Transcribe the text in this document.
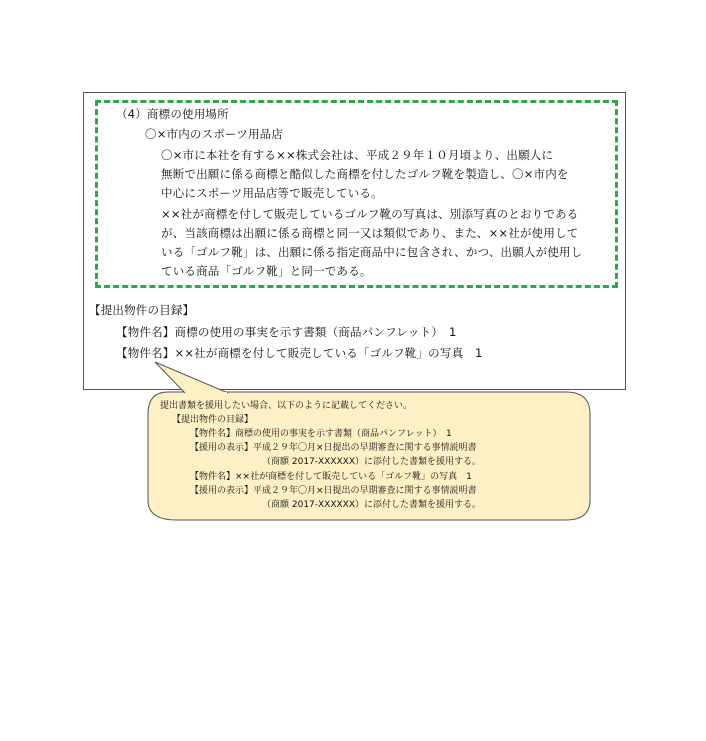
（4）商標の使用場所
〇×市内のスポーツ用品店
〇×市に本社を有する××株式会社は、平成２９年１０月頃より、出願人に
無断で出願に係る商標と酷似した商標を付したゴルフ靴を製造し、〇×市内を
中心にスポーツ用品店等で販売している。
××社が商標を付して販売しているゴルフ靴の写真は、別添写真のとおりである
が、当該商標は出願に係る商標と同一又は類似であり、また、××社が使用して
いる「ゴルフ靴」は、出願に係る指定商品中に包含され、かつ、出願人が使用し
ている商品「ゴルフ靴」と同一である。
【提出物件の目録】
【物件名】商標の使用の事実を示す書類（商品パンフレット）　1
【物件名】××社が商標を付して販売している「ゴルフ靴」の写真　1
提出書類を援用したい場合、以下のように記載してください。
【提出物件の目録】
【物件名】商標の使用の事実を示す書類（商品パンフレット）　1
【援用の表示】平成２９年〇月×日提出の早期審査に関する事情説明書
（商願 2017-XXXXXX）に添付した書類を援用する。
【物件名】××社が商標を付して販売している「ゴルフ靴」の写真　1
【援用の表示】平成２９年〇月×日提出の早期審査に関する事情説明書
（商願 2017-XXXXXX）に添付した書類を援用する。
